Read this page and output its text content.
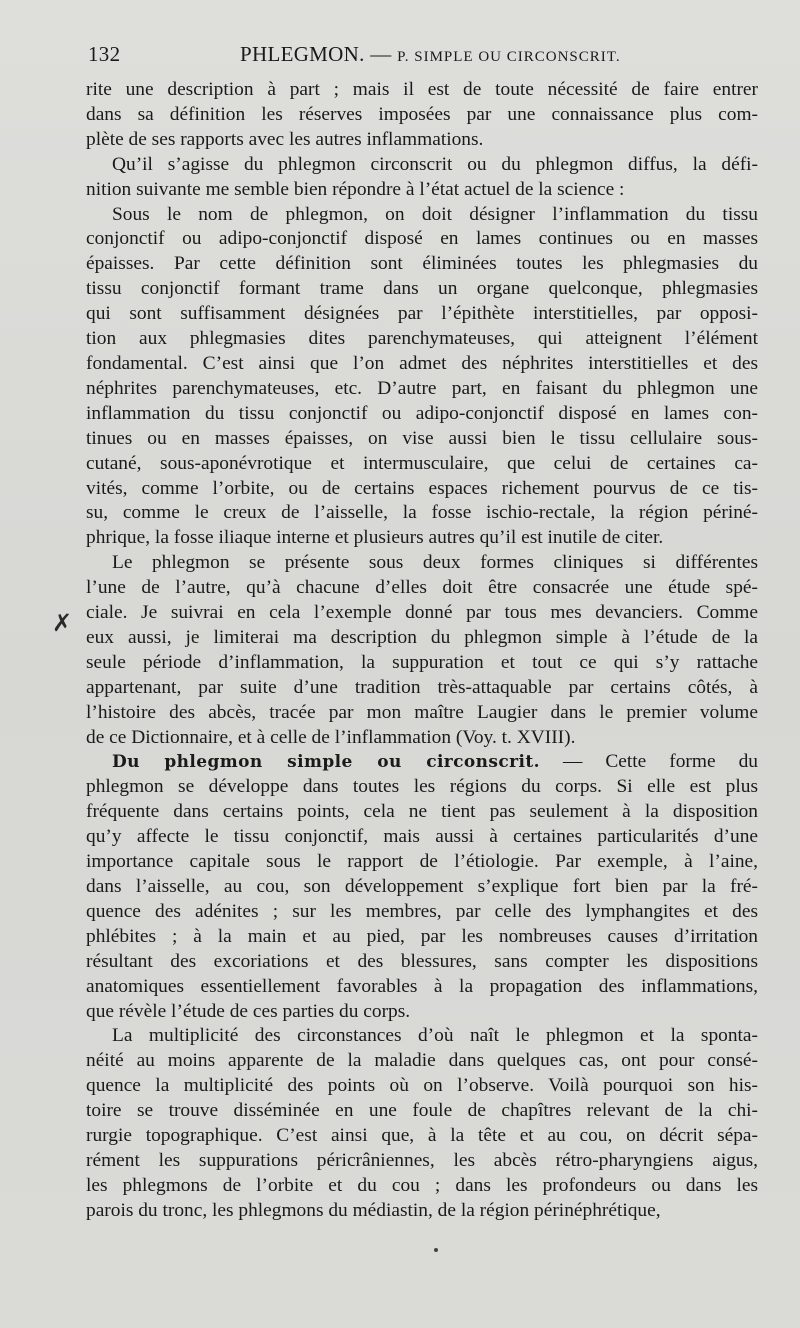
132	PHLEGMON. — P. SIMPLE OU CIRCONSCRIT.
✗

rite une description à part ; mais il est de toute nécessité de faire entrer
dans sa définition les réserves imposées par une connaissance plus com-
plète de ses rapports avec les autres inflammations.

Qu’il s’agisse du phlegmon circonscrit ou du phlegmon diffus, la défi-
nition suivante me semble bien répondre à l’état actuel de la science :

Sous le nom de phlegmon, on doit désigner l’inflammation du tissu
conjonctif ou adipo-conjonctif disposé en lames continues ou en masses
épaisses. Par cette définition sont éliminées toutes les phlegmasies du
tissu conjonctif formant trame dans un organe quelconque, phlegmasies
qui sont suffisamment désignées par l’épithète interstitielles, par opposi-
tion aux phlegmasies dites parenchymateuses, qui atteignent l’élément
fondamental. C’est ainsi que l’on admet des néphrites interstitielles et des
néphrites parenchymateuses, etc. D’autre part, en faisant du phlegmon une
inflammation du tissu conjonctif ou adipo-conjonctif disposé en lames con-
tinues ou en masses épaisses, on vise aussi bien le tissu cellulaire sous-
cutané, sous-aponévrotique et intermusculaire, que celui de certaines ca-
vités, comme l’orbite, ou de certains espaces richement pourvus de ce tis-
su, comme le creux de l’aisselle, la fosse ischio-rectale, la région périné-
phrique, la fosse iliaque interne et plusieurs autres qu’il est inutile de citer.

Le phlegmon se présente sous deux formes cliniques si différentes
l’une de l’autre, qu’à chacune d’elles doit être consacrée une étude spé-
ciale. Je suivrai en cela l’exemple donné par tous mes devanciers. Comme
eux aussi, je limiterai ma description du phlegmon simple à l’étude de la
seule période d’inflammation, la suppuration et tout ce qui s’y rattache
appartenant, par suite d’une tradition très-attaquable par certains côtés, à
l’histoire des abcès, tracée par mon maître Laugier dans le premier volume
de ce Dictionnaire, et à celle de l’inflammation (Voy. t. XVIII).

Du phlegmon simple ou circonscrit. — Cette forme du
phlegmon se développe dans toutes les régions du corps. Si elle est plus
fréquente dans certains points, cela ne tient pas seulement à la disposition
qu’y affecte le tissu conjonctif, mais aussi à certaines particularités d’une
importance capitale sous le rapport de l’étiologie. Par exemple, à l’aine,
dans l’aisselle, au cou, son développement s’explique fort bien par la fré-
quence des adénites ; sur les membres, par celle des lymphangites et des
phlébites ; à la main et au pied, par les nombreuses causes d’irritation
résultant des excoriations et des blessures, sans compter les dispositions
anatomiques essentiellement favorables à la propagation des inflammations,
que révèle l’étude de ces parties du corps.

La multiplicité des circonstances d’où naît le phlegmon et la sponta-
néité au moins apparente de la maladie dans quelques cas, ont pour consé-
quence la multiplicité des points où on l’observe. Voilà pourquoi son his-
toire se trouve disséminée en une foule de chapîtres relevant de la chi-
rurgie topographique. C’est ainsi que, à la tête et au cou, on décrit sépa-
rément les suppurations péricrâniennes, les abcès rétro-pharyngiens aigus,
les phlegmons de l’orbite et du cou ; dans les profondeurs ou dans les
parois du tronc, les phlegmons du médiastin, de la région périnéphrétique,
